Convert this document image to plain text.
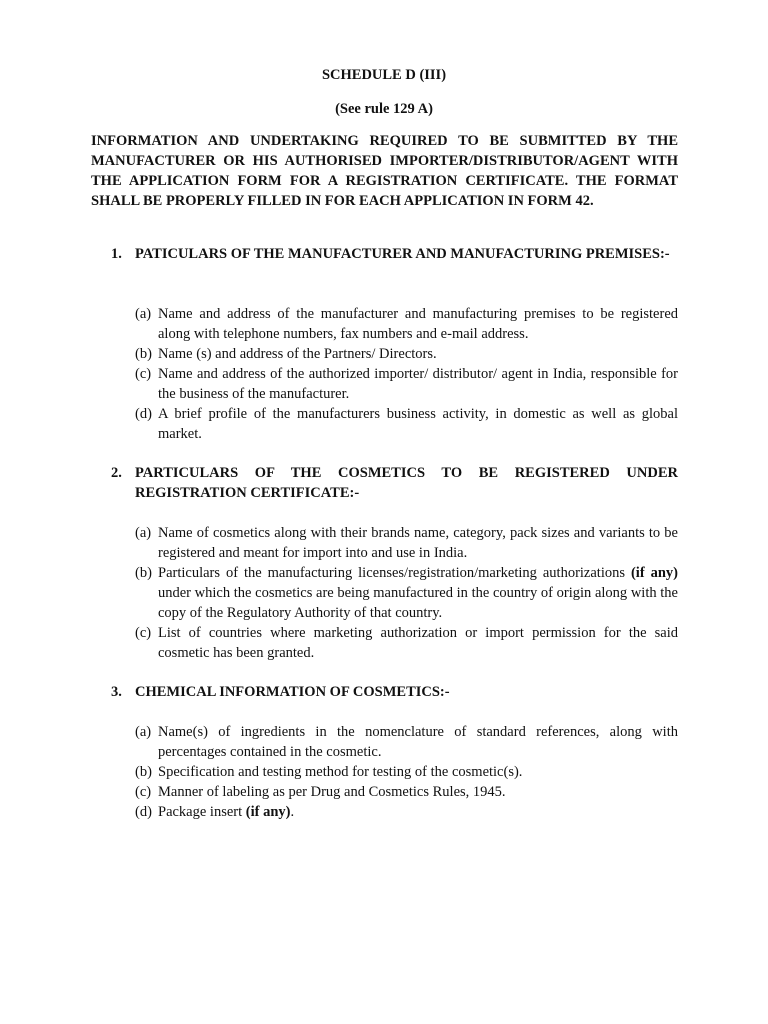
SCHEDULE D (III)
(See rule 129 A)

INFORMATION AND UNDERTAKING REQUIRED TO BE SUBMITTED BY THE MANUFACTURER OR HIS AUTHORISED IMPORTER/DISTRIBUTOR/AGENT WITH THE APPLICATION FORM FOR A REGISTRATION CERTIFICATE. THE FORMAT SHALL BE PROPERLY FILLED IN FOR EACH APPLICATION IN FORM 42.

1. PATICULARS OF THE MANUFACTURER AND MANUFACTURING PREMISES:-
(a) Name and address of the manufacturer and manufacturing premises to be registered along with telephone numbers, fax numbers and e-mail address.
(b) Name (s) and address of the Partners/ Directors.
(c) Name and address of the authorized importer/ distributor/ agent in India, responsible for the business of the manufacturer.
(d) A brief profile of the manufacturers business activity, in domestic as well as global market.
2. PARTICULARS OF THE COSMETICS TO BE REGISTERED UNDER REGISTRATION CERTIFICATE:-
(a) Name of cosmetics along with their brands name, category, pack sizes and variants to be registered and meant for import into and use in India.
(b) Particulars of the manufacturing licenses/registration/marketing authorizations (if any) under which the cosmetics are being manufactured in the country of origin along with the copy of the Regulatory Authority of that country.
(c) List of countries where marketing authorization or import permission for the said cosmetic has been granted.
3. CHEMICAL INFORMATION OF COSMETICS:-
(a) Name(s) of ingredients in the nomenclature of standard references, along with percentages contained in the cosmetic.
(b) Specification and testing method for testing of the cosmetic(s).
(c) Manner of labeling as per Drug and Cosmetics Rules, 1945.
(d) Package insert (if any).
